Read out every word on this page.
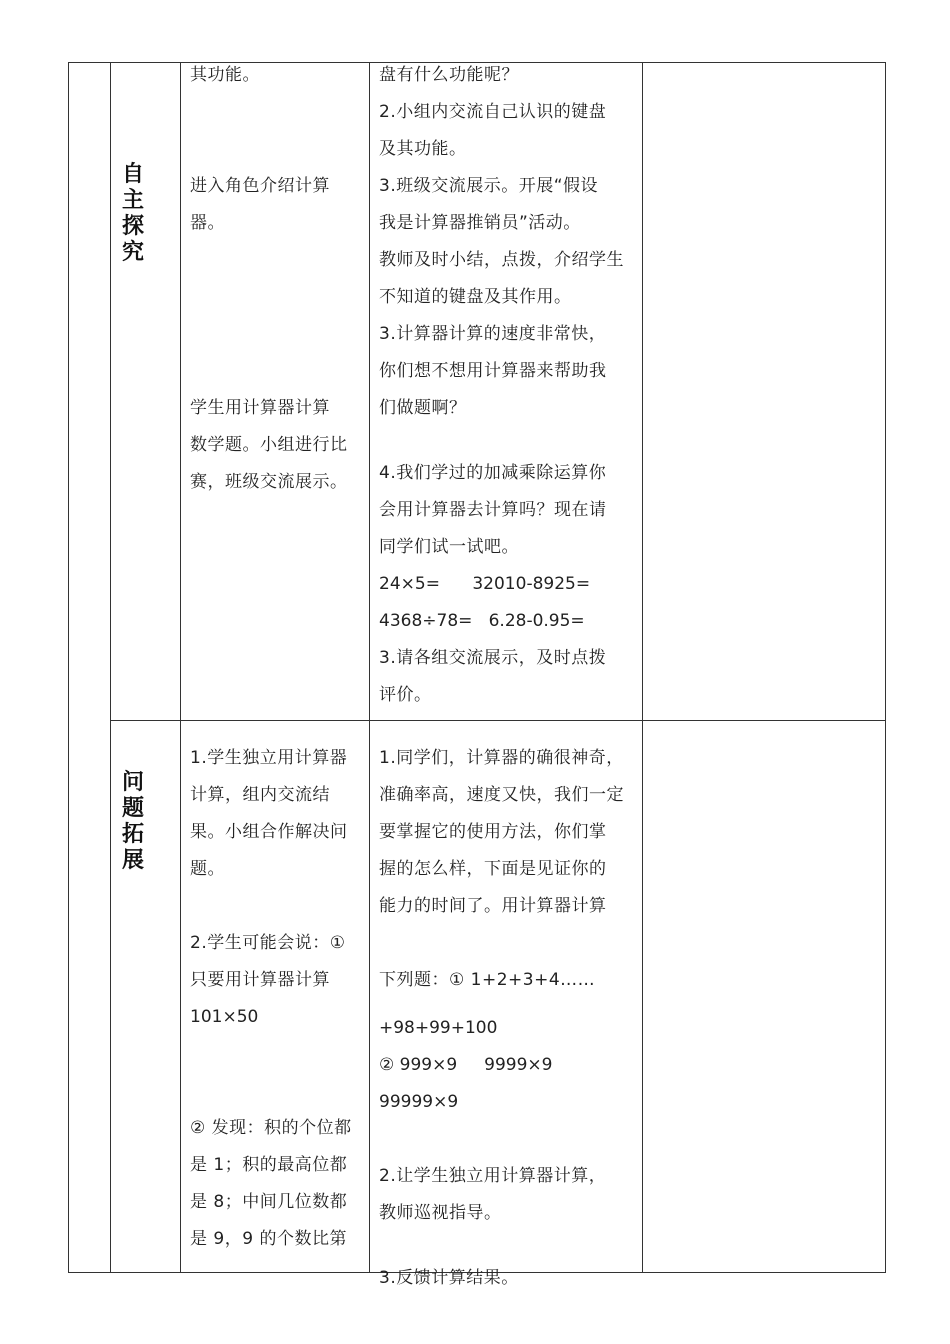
自
主
探
究

其功能。

进入角色介绍计算

器。

学生用计算器计算

数学题。小组进行比

赛，班级交流展示。

盘有什么功能呢？

2.小组内交流自己认识的键盘

及其功能。

3.班级交流展示。开展“假设

我是计算器推销员”活动。

教师及时小结，点拨，介绍学生

不知道的键盘及其作用。

3.计算器计算的速度非常快，

你们想不想用计算器来帮助我

们做题啊？

4.我们学过的加减乘除运算你

会用计算器去计算吗？现在请

同学们试一试吧。

24×5=      32010-8925=

4368÷78=   6.28-0.95=

3.请各组交流展示，及时点拨

评价。

问
题
拓
展

1.学生独立用计算器

计算，组内交流结

果。小组合作解决问

题。

2.学生可能会说：①

只要用计算器计算

101×50

② 发现：积的个位都

是 1；积的最高位都

是 8；中间几位数都

是 9，9 的个数比第

1.同学们，计算器的确很神奇，

准确率高，速度又快，我们一定

要掌握它的使用方法，你们掌

握的怎么样，下面是见证你的

能力的时间了。用计算器计算

下列题：① 1+2+3+4……

+98+99+100

② 999×9     9999×9

99999×9

2.让学生独立用计算器计算，

教师巡视指导。

3.反馈计算结果。
